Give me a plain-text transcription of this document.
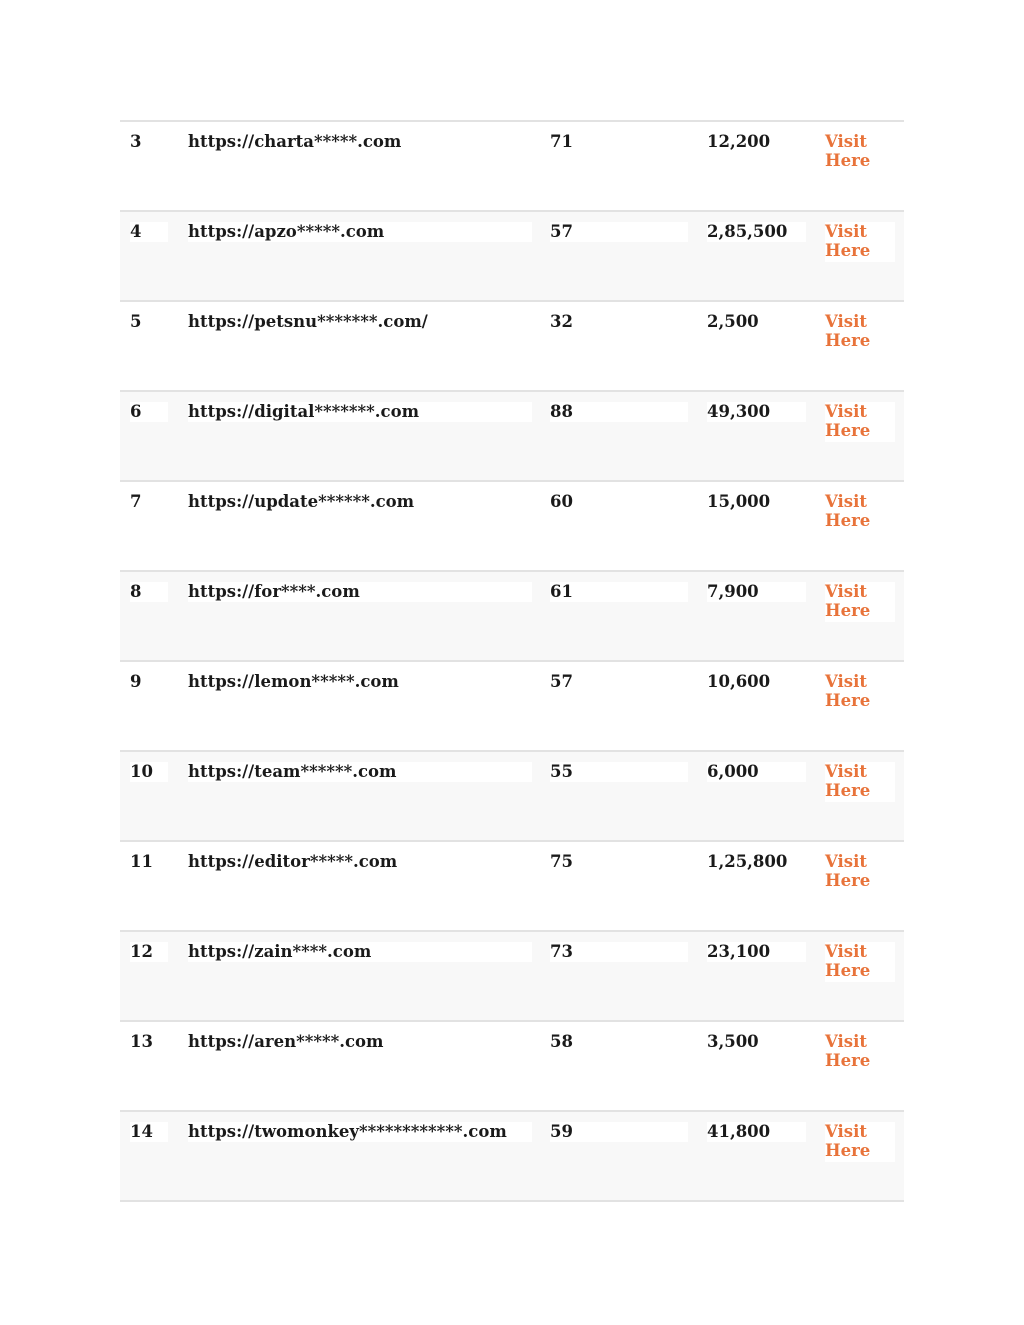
3	https://charta*****.com	71	12,200	Visit
Here
4	https://apzo*****.com	57	2,85,500	Visit
Here
5	https://petsnu*******.com/	32	2,500	Visit
Here
6	https://digital*******.com	88	49,300	Visit
Here
7	https://update******.com	60	15,000	Visit
Here
8	https://for****.com	61	7,900	Visit
Here
9	https://lemon*****.com	57	10,600	Visit
Here
10	https://team******.com	55	6,000	Visit
Here
11	https://editor*****.com	75	1,25,800	Visit
Here
12	https://zain****.com	73	23,100	Visit
Here
13	https://aren*****.com	58	3,500	Visit
Here
14	https://twomonkey************.com	59	41,800	Visit
Here
